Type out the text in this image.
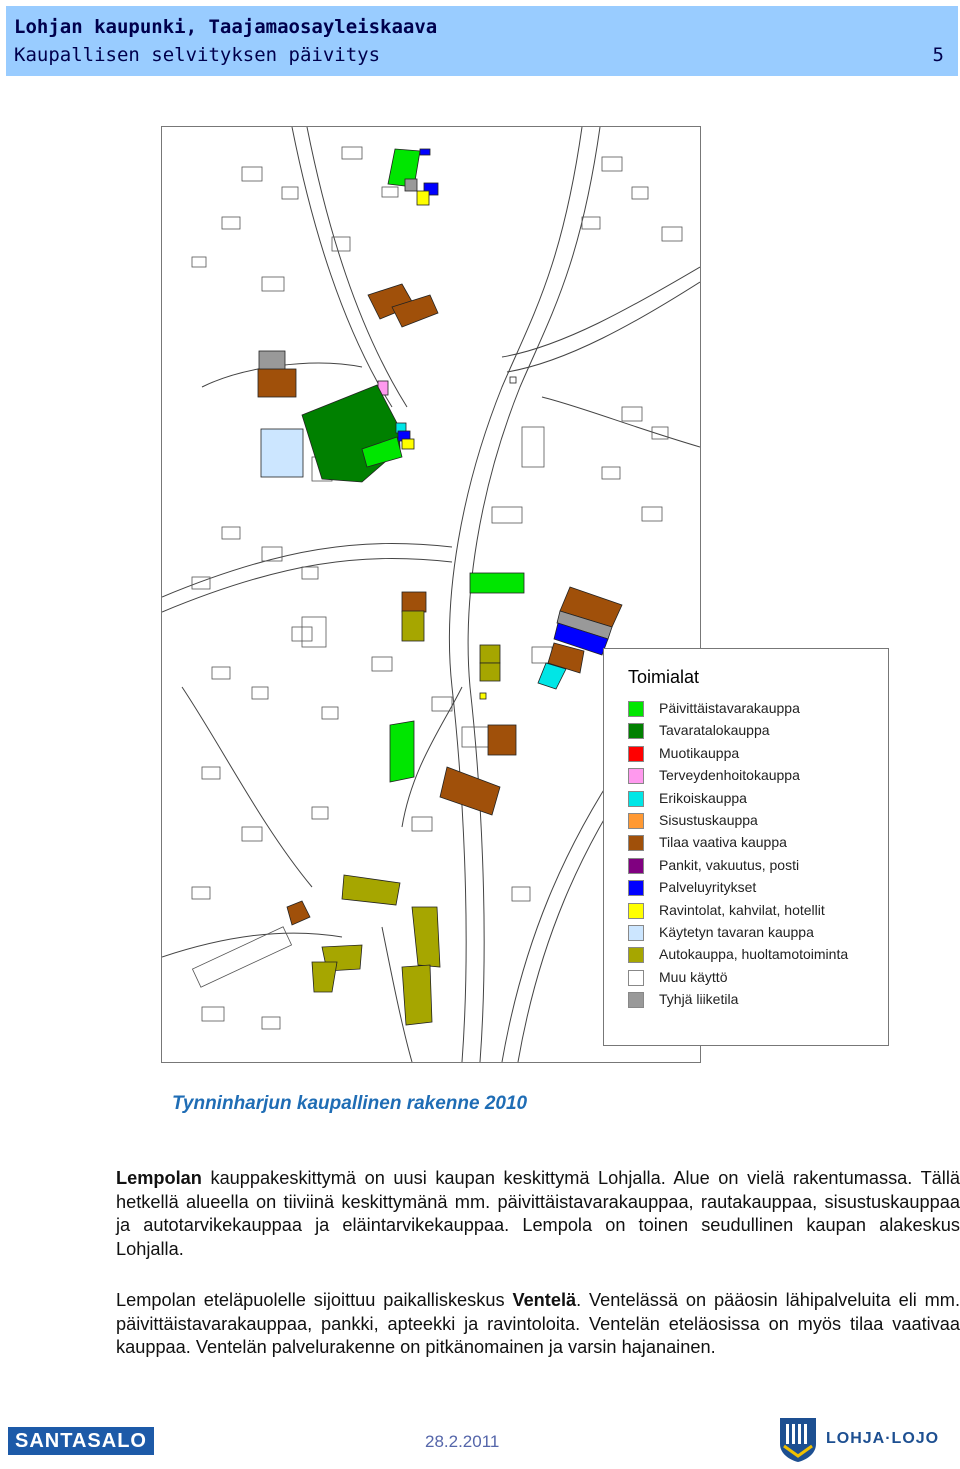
Lohjan kaupunki, Taajamaosayleiskaava
Kaupallisen selvityksen päivitys	5
Toimialat
Päivittäistavarakauppa
Tavaratalokauppa
Muotikauppa
Terveydenhoitokauppa
Erikoiskauppa
Sisustuskauppa
Tilaa vaativa kauppa
Pankit, vakuutus, posti
Palveluyritykset
Ravintolat, kahvilat, hotellit
Käytetyn tavaran kauppa
Autokauppa, huoltamotoiminta
Muu käyttö
Tyhjä liiketila
Tynninharjun kaupallinen rakenne 2010
Lempolan kauppakeskittymä on uusi kaupan keskittymä Lohjalla. Alue on vielä rakentumassa. Tällä hetkellä alueella on tiiviinä keskittymänä mm. päivittäistavarakauppaa, rautakauppaa, sisustuskauppaa ja autotarvikekauppaa ja eläintarvikekauppaa. Lempola on toinen seudullinen kaupan alakeskus Lohjalla.
Lempolan eteläpuolelle sijoittuu paikalliskeskus Ventelä. Ventelässä on pääosin lähipalveluita eli mm. päivittäistavarakauppaa, pankki, apteekki ja ravintoloita. Ventelän eteläosissa on myös tilaa vaativaa kauppaa. Ventelän palvelurakenne on pitkänomainen ja varsin hajanainen.
SANTASALO	28.2.2011	LOHJA·LOJO
